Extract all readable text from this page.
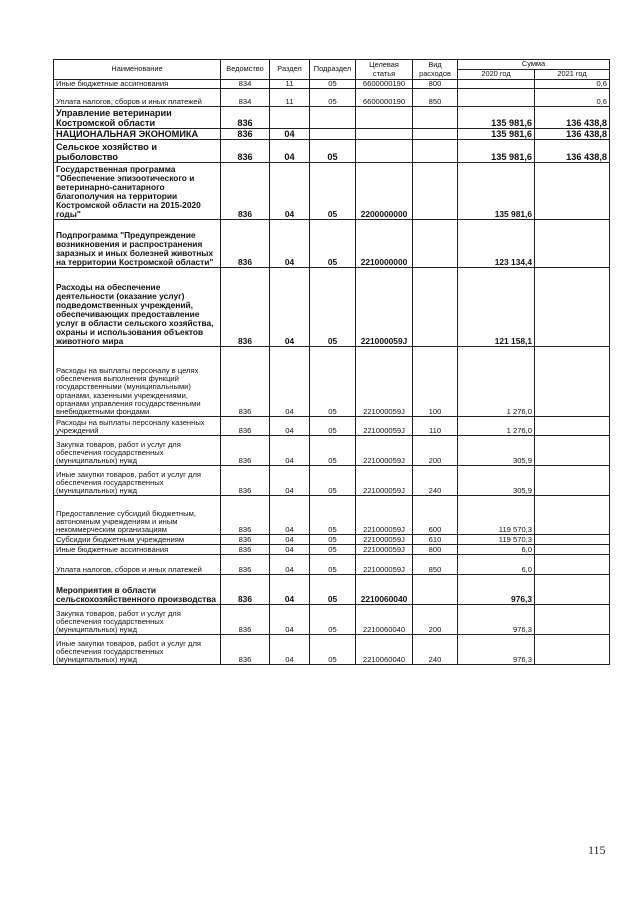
Наименование	Ведомство	Раздел	Подраздел	Целевая статья	Вид расходов	Сумма	
						2020 год	2021 год
Иные бюджетные ассигнования	834	11	05	6600000190	800		0,6
Уплата налогов, сборов и иных платежей	834	11	05	6600000190	850		0,6
Управление ветеринарии Костромской области	836					135 981,6	136 438,8
НАЦИОНАЛЬНАЯ ЭКОНОМИКА	836	04				135 981,6	136 438,8
Сельское хозяйство и рыболовство	836	04	05			135 981,6	136 438,8
Государственная программа "Обеспечение эпизоотического и ветеринарно-санитарного благополучия на территории Костромской области на 2015-2020 годы"	836	04	05	2200000000		135 981,6	
Подпрограмма "Предупреждение возникновения и распространения заразных и иных болезней животных на территории Костромской области"	836	04	05	2210000000		123 134,4	
Расходы на обеспечение деятельности (оказание услуг) подведомственных учреждений, обеспечивающих предоставление услуг в области сельского хозяйства, охраны и использования объектов животного мира	836	04	05	221000059J		121 158,1	
Расходы на выплаты персоналу в целях обеспечения выполнения функций государственными (муниципальными) органами, казенными учреждениями, органами управления государственными внебюджетными фондами	836	04	05	221000059J	100	1 276,0	
Расходы на выплаты персоналу казенных учреждений	836	04	05	221000059J	110	1 276,0	
Закупка товаров, работ и услуг для обеспечения государственных (муниципальных) нужд	836	04	05	221000059J	200	305,9	
Иные закупки товаров, работ и услуг для обеспечения государственных (муниципальных) нужд	836	04	05	221000059J	240	305,9	
Предоставление субсидий бюджетным, автономным учреждениям и иным некоммерческим организациям	836	04	05	221000059J	600	119 570,3	
Субсидии бюджетным учреждениям	836	04	05	221000059J	610	119 570,3	
Иные бюджетные ассигнования	836	04	05	221000059J	800	6,0	
Уплата налогов, сборов и иных платежей	836	04	05	221000059J	850	6,0	
Мероприятия в области сельскохозяйственного производства	836	04	05	2210060040		976,3	
Закупка товаров, работ и услуг для обеспечения государственных (муниципальных) нужд	836	04	05	2210060040	200	976,3	
Иные закупки товаров, работ и услуг для обеспечения государственных (муниципальных) нужд	836	04	05	2210060040	240	976,3	
115
